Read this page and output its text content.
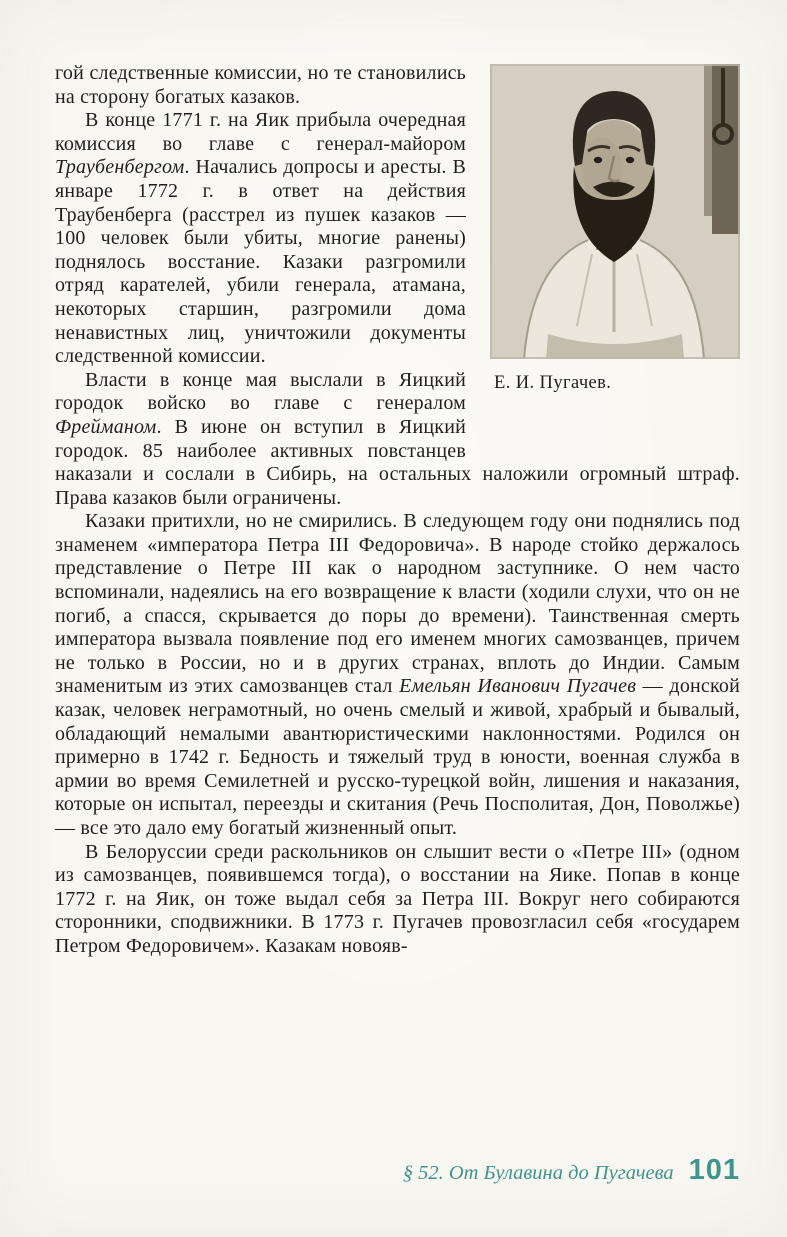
Е. И. Пугачев.

гой следственные комиссии, но те становились на сторону богатых казаков.

В конце 1771 г. на Яик прибыла очередная комиссия во главе с генерал-майором Траубенбергом. Начались допросы и аресты. В январе 1772 г. в ответ на действия Траубенберга (расстрел из пушек казаков — 100 человек были убиты, многие ранены) поднялось восстание. Казаки разгромили отряд карателей, убили генерала, атамана, некоторых старшин, разгромили дома ненавистных лиц, уничтожили документы следственной комиссии.

Власти в конце мая выслали в Яицкий городок войско во главе с генералом Фрейманом. В июне он вступил в Яицкий городок. 85 наиболее активных повстанцев наказали и сослали в Сибирь, на остальных наложили огромный штраф. Права казаков были ограничены.

Казаки притихли, но не смирились. В следующем году они поднялись под знаменем «императора Петра III Федоровича». В народе стойко держалось представление о Петре III как о народном заступнике. О нем часто вспоминали, надеялись на его возвращение к власти (ходили слухи, что он не погиб, а спасся, скрывается до поры до времени). Таинственная смерть императора вызвала появление под его именем многих самозванцев, причем не только в России, но и в других странах, вплоть до Индии. Самым знаменитым из этих самозванцев стал Емельян Иванович Пугачев — донской казак, человек неграмотный, но очень смелый и живой, храбрый и бывалый, обладающий немалыми авантюристическими наклонностями. Родился он примерно в 1742 г. Бедность и тяжелый труд в юности, военная служба в армии во время Семилетней и русско-турецкой войн, лишения и наказания, которые он испытал, переезды и скитания (Речь Посполитая, Дон, Поволжье) — все это дало ему богатый жизненный опыт.

В Белоруссии среди раскольников он слышит вести о «Петре III» (одном из самозванцев, появившемся тогда), о восстании на Яике. Попав в конце 1772 г. на Яик, он тоже выдал себя за Петра III. Вокруг него собираются сторонники, сподвижники. В 1773 г. Пугачев провозгласил себя «государем Петром Федоровичем». Казакам новояв-

§ 52. От Булавина до Пугачева 101
